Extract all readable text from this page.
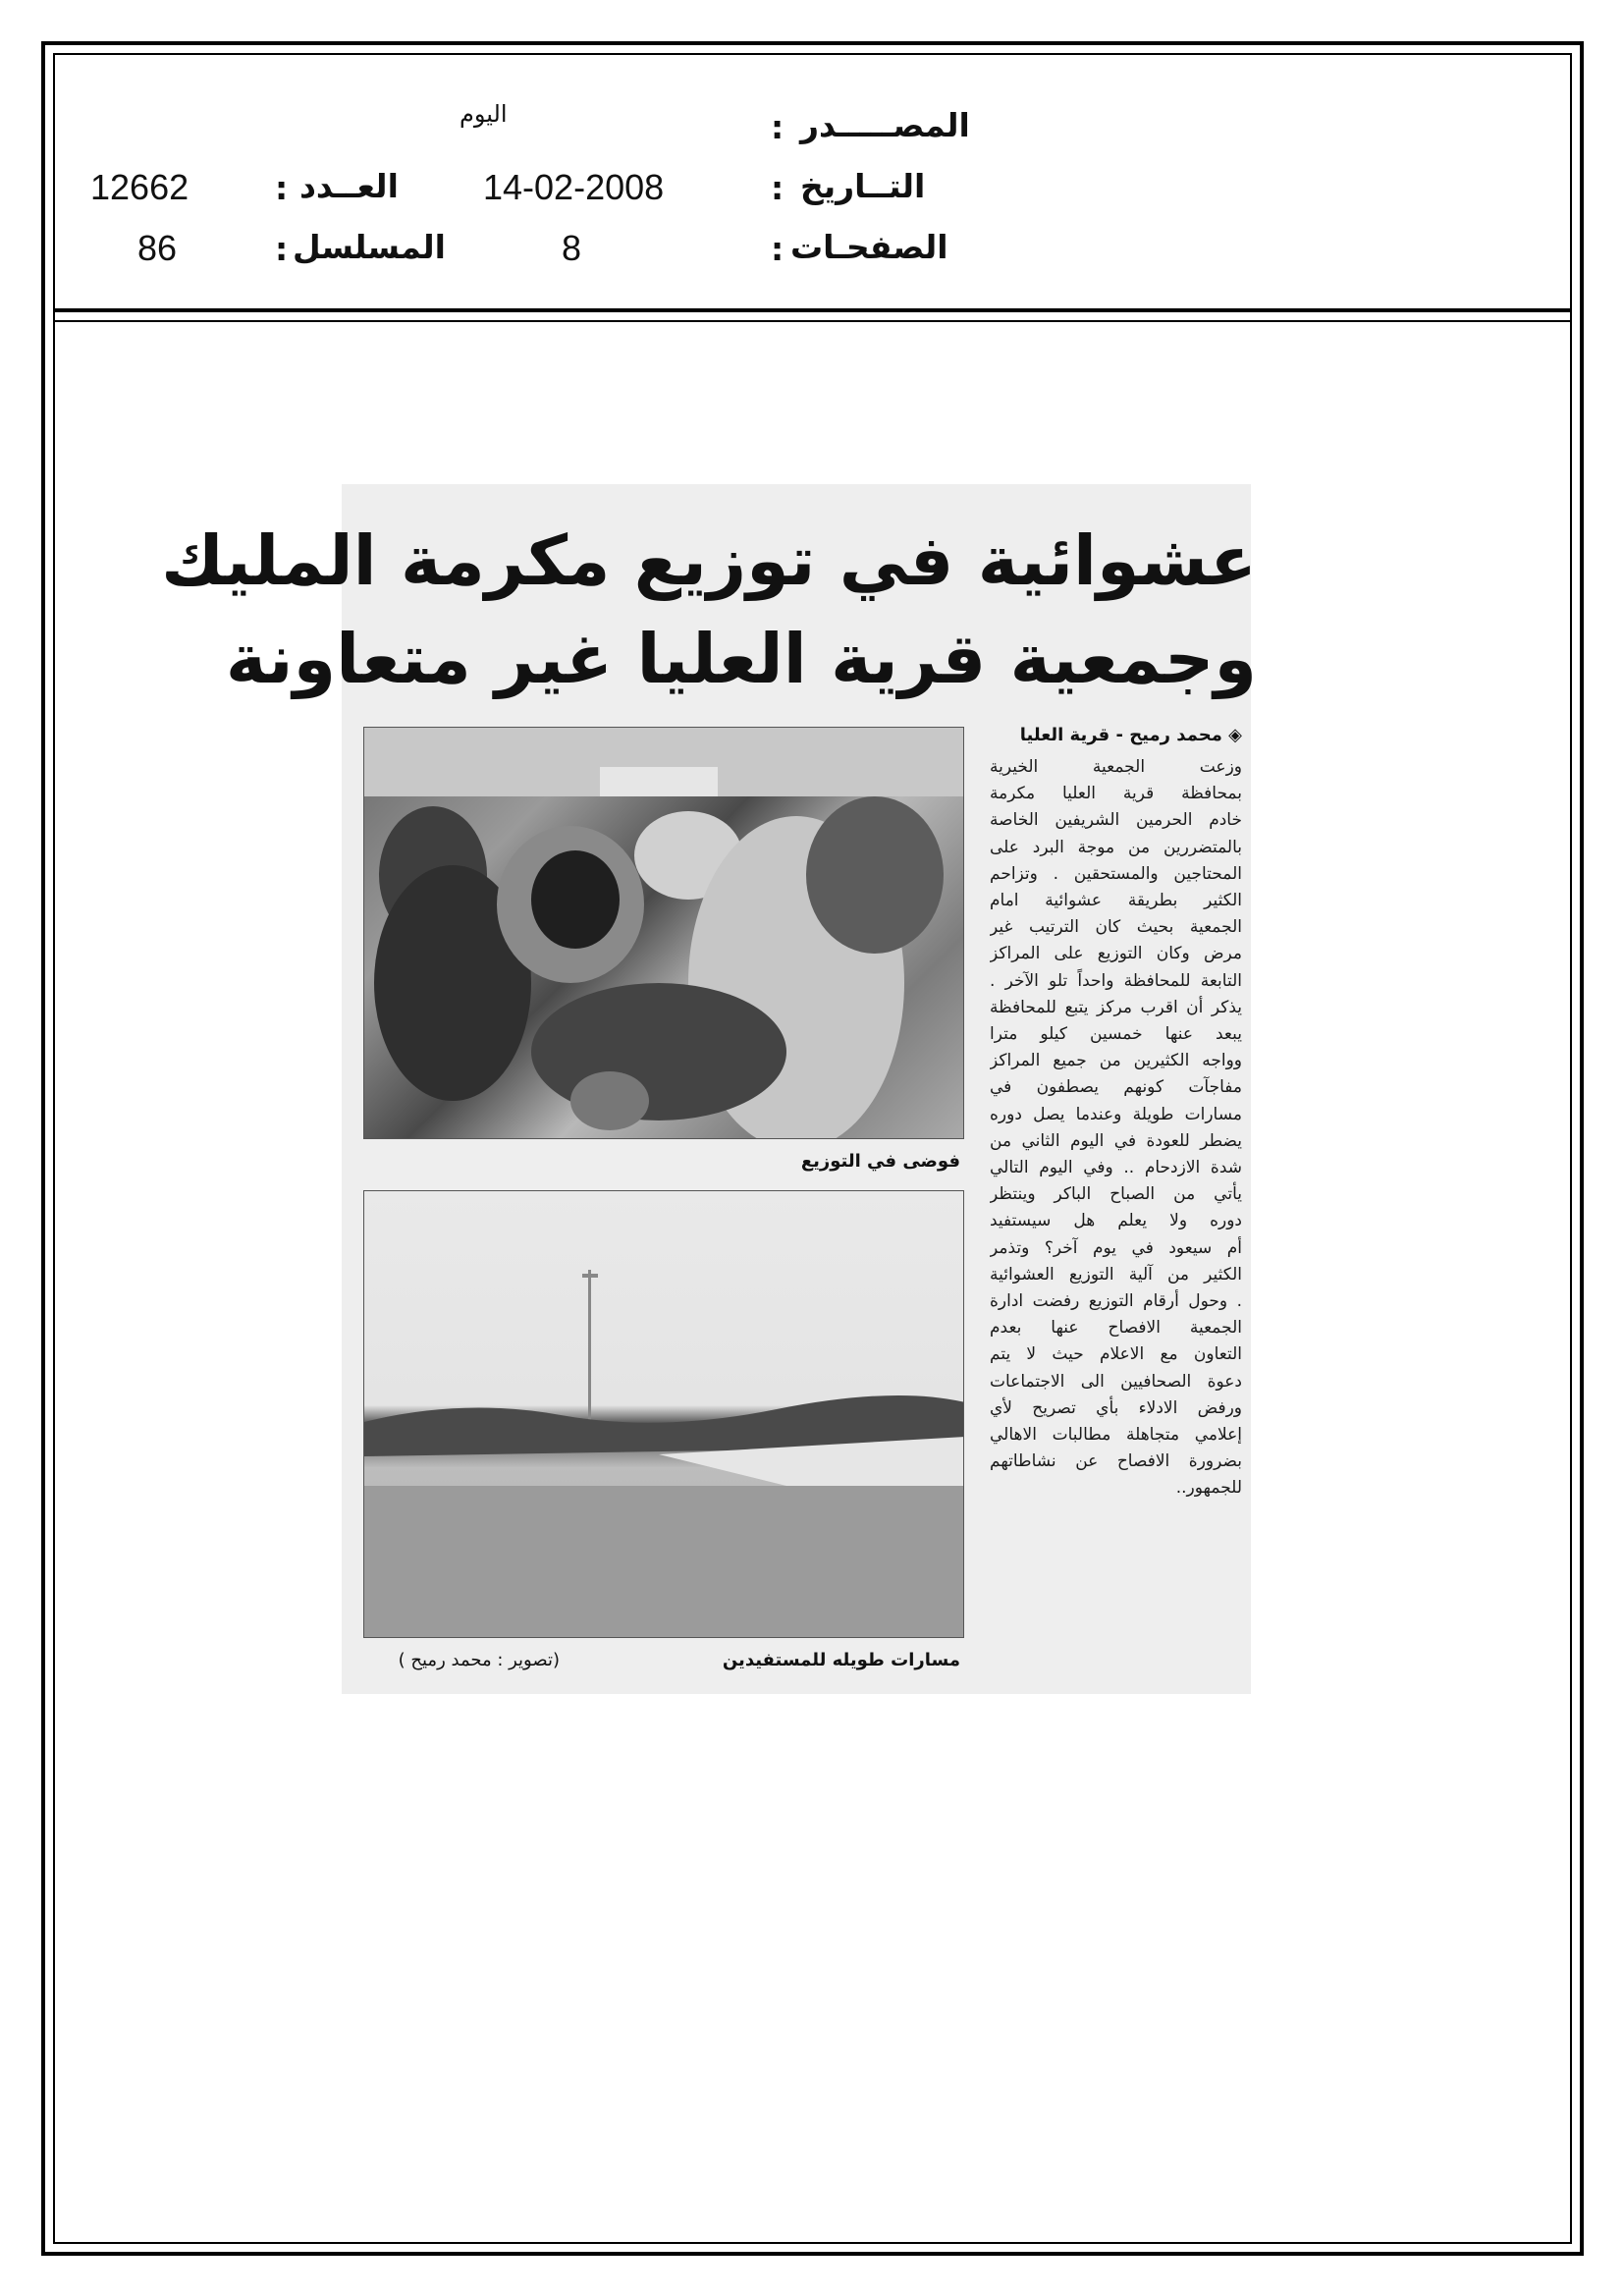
المصـــــدر
:
اليوم
التــاريخ
:
14-02-2008
العــدد
:
12662
الصفحـات
:
8
المسلسل
:
86
عشوائية في توزيع مكرمة المليك
وجمعية قرية العليا غير متعاونة
◈ محمد رميح - قرية العليا
وزعت الجمعية الخيرية
بمحافظة قرية العليا مكرمة
خادم الحرمين الشريفين الخاصة
بالمتضررين من موجة البرد على
المحتاجين والمستحقين . وتزاحم
الكثير بطريقة عشوائية امام
الجمعية بحيث كان الترتيب غير
مرض وكان التوزيع على المراكز
التابعة للمحافظة واحداً تلو الآخر .
يذكر أن اقرب مركز يتبع للمحافظة
يبعد عنها خمسين كيلو مترا
وواجه الكثيرين من جميع المراكز
مفاجآت كونهم يصطفون في
مسارات طويلة وعندما يصل دوره
يضطر للعودة في اليوم الثاني من
شدة الازدحام .. وفي اليوم التالي
يأتي من الصباح الباكر وينتظر
دوره ولا يعلم هل سيستفيد
أم سيعود في يوم آخر؟ وتذمر
الكثير من آلية التوزيع العشوائية
. وحول أرقام التوزيع رفضت ادارة
الجمعية الافصاح عنها بعدم
التعاون مع الاعلام حيث لا يتم
دعوة الصحافيين الى الاجتماعات
ورفض الادلاء بأي تصريح لأي
إعلامي متجاهلة مطالبات الاهالي
بضرورة الافصاح عن نشاطاتهم
للجمهور..
فوضى في التوزيع
مسارات طويله للمستفيدين
(تصوير : محمد رميح )
